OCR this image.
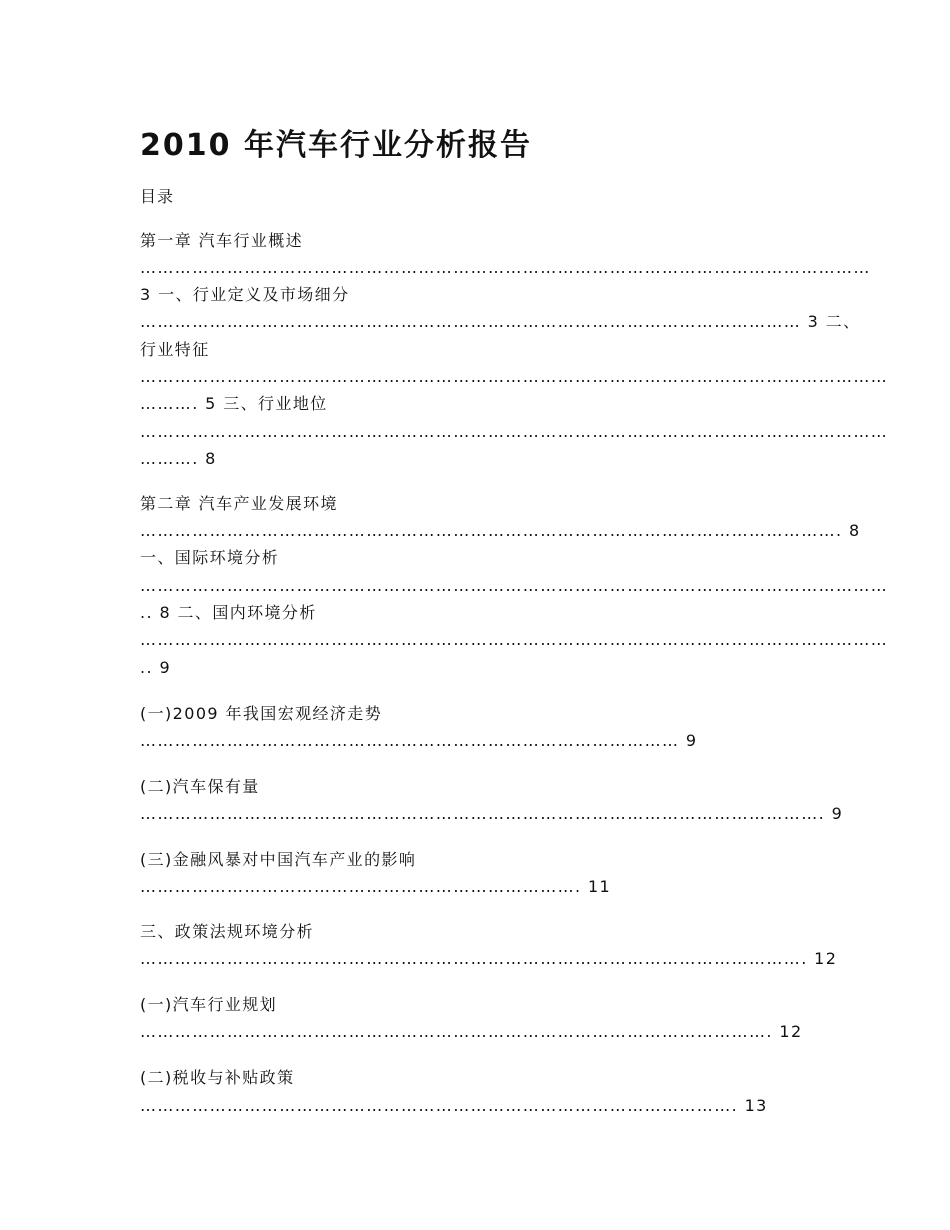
2010 年汽车行业分析报告
目录
第一章 汽车行业概述
………………………………………………………………………………………………………………
3 一、行业定义及市场细分
…………………………………………………………………………………………………… 3 二、
行业特征
…………………………………………………………………………………………………………………
………. 5 三、行业地位
…………………………………………………………………………………………………………………
………. 8
第二章 汽车产业发展环境
…………………………………………………………………………………………………………. 8
一、国际环境分析
…………………………………………………………………………………………………………………
.. 8 二、国内环境分析
…………………………………………………………………………………………………………………
.. 9
(一)2009 年我国宏观经济走势
………………………………………………………………………………… 9
(二)汽车保有量
………………………………………………………………………………………………………. 9
(三)金融风暴对中国汽车产业的影响
…………………………………………………………………. 11
三、政策法规环境分析
……………………………………………………………………………………………………. 12
(一)汽车行业规划
………………………………………………………………………………………………. 12
(二)税收与补贴政策
…………………………………………………………………………………………. 13
